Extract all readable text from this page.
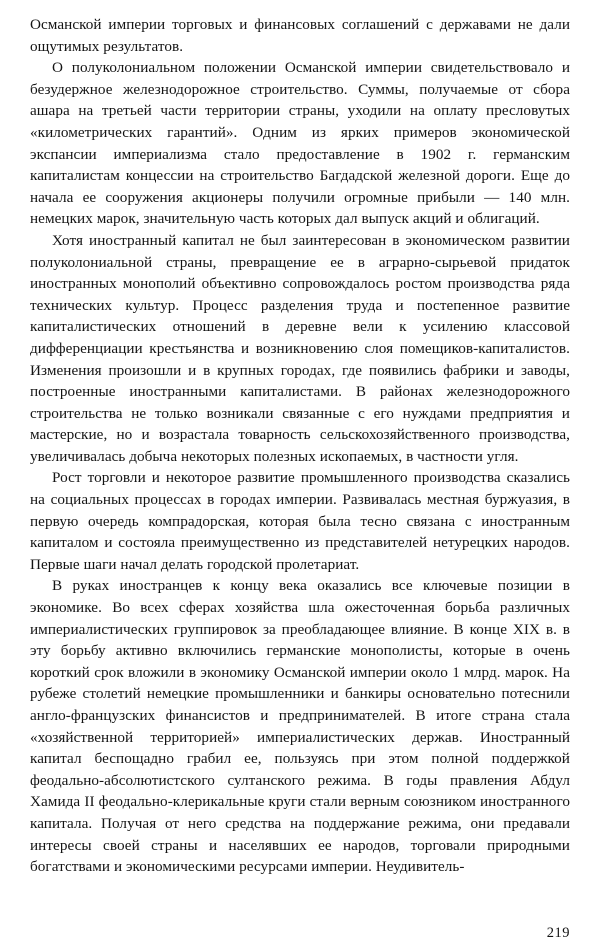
Османской империи торговых и финансовых соглашений с державами не дали ощутимых результатов.

О полуколониальном положении Османской империи свидетельствовало и безудержное железнодорожное строительство. Суммы, получаемые от сбора ашара на третьей части территории страны, уходили на оплату пресловутых «километрических гарантий». Одним из ярких примеров экономической экспансии империализма стало предоставление в 1902 г. германским капиталистам концессии на строительство Багдадской железной дороги. Еще до начала ее сооружения акционеры получили огромные прибыли — 140 млн. немецких марок, значительную часть которых дал выпуск акций и облигаций.

Хотя иностранный капитал не был заинтересован в экономическом развитии полуколониальной страны, превращение ее в аграрно-сырьевой придаток иностранных монополий объективно сопровождалось ростом производства ряда технических культур. Процесс разделения труда и постепенное развитие капиталистических отношений в деревне вели к усилению классовой дифференциации крестьянства и возникновению слоя помещиков-капиталистов. Изменения произошли и в крупных городах, где появились фабрики и заводы, построенные иностранными капиталистами. В районах железнодорожного строительства не только возникали связанные с его нуждами предприятия и мастерские, но и возрастала товарность сельскохозяйственного производства, увеличивалась добыча некоторых полезных ископаемых, в частности угля.

Рост торговли и некоторое развитие промышленного производства сказались на социальных процессах в городах империи. Развивалась местная буржуазия, в первую очередь компрадорская, которая была тесно связана с иностранным капиталом и состояла преимущественно из представителей нетурецких народов. Первые шаги начал делать городской пролетариат.

В руках иностранцев к концу века оказались все ключевые позиции в экономике. Во всех сферах хозяйства шла ожесточенная борьба различных империалистических группировок за преобладающее влияние. В конце XIX в. в эту борьбу активно включились германские монополисты, которые в очень короткий срок вложили в экономику Османской империи около 1 млрд. марок. На рубеже столетий немецкие промышленники и банкиры основательно потеснили англо-французских финансистов и предпринимателей. В итоге страна стала «хозяйственной территорией» империалистических держав. Иностранный капитал беспощадно грабил ее, пользуясь при этом полной поддержкой феодально-абсолютистского султанского режима. В годы правления Абдул Хамида II феодально-клерикальные круги стали верным союзником иностранного капитала. Получая от него средства на поддержание режима, они предавали интересы своей страны и населявших ее народов, торговали природными богатствами и экономическими ресурсами империи. Неудивитель-

219
